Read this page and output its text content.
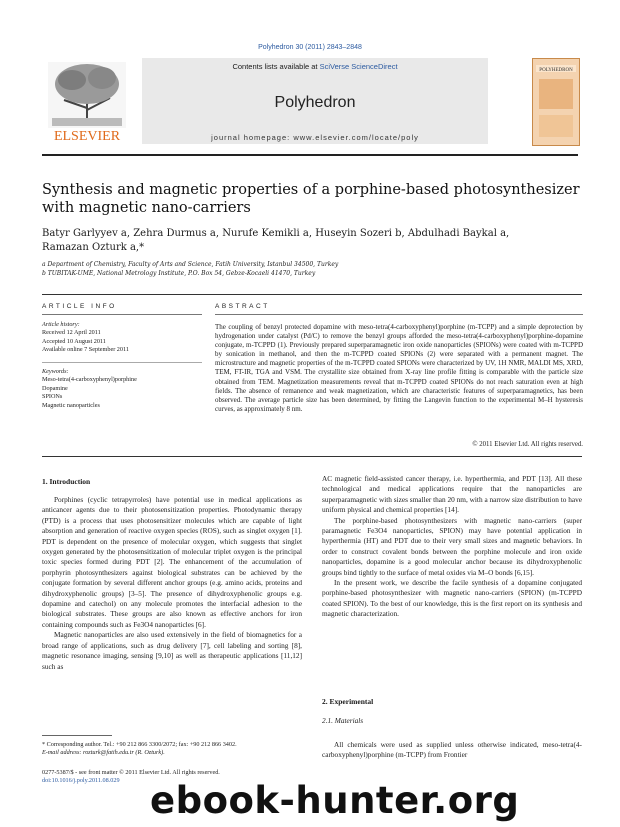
Polyhedron 30 (2011) 2843–2848
ELSEVIER
Contents lists available at SciVerse ScienceDirect
Polyhedron
journal homepage: www.elsevier.com/locate/poly
POLYHEDRON
Synthesis and magnetic properties of a porphine-based photosynthesizer with magnetic nano-carriers
Batyr Garlyyev a, Zehra Durmus a, Nurufe Kemikli a, Huseyin Sozeri b, Abdulhadi Baykal a,
Ramazan Ozturk a,*
a Department of Chemistry, Faculty of Arts and Science, Fatih University, Istanbul 34500, Turkey
b TUBITAK-UME, National Metrology Institute, P.O. Box 54, Gebze-Kocaeli 41470, Turkey
ARTICLE INFO	ABSTRACT
Article history:
Received 12 April 2011
Accepted 10 August 2011
Available online 7 September 2011
Keywords:
Meso-tetra(4-carboxyphenyl)porphine
Dopamine
SPIONs
Magnetic nanoparticles
The coupling of benzyl protected dopamine with meso-tetra(4-carboxyphenyl)porphine (m-TCPP) and a simple deprotection by hydrogenation under catalyst (Pd/C) to remove the benzyl groups afforded the meso-tetra(4-carboxyphenyl)porphine-dopamine conjugate, m-TCPPD (1). Previously prepared superparamagnetic iron oxide nanoparticles (SPIONs) were coated with m-TCPPD by sonication in methanol, and then the m-TCPPD coated SPIONs (2) were separated with a permanent magnet. The microstructure and magnetic properties of the m-TCPPD coated SPIONs were characterized by UV, 1H NMR, MALDI MS, XRD, TEM, FT-IR, TGA and VSM. The crystallite size obtained from X-ray line profile fitting is comparable with the particle size obtained from TEM. Magnetization measurements reveal that m-TCPPD coated SPIONs do not reach saturation even at high fields. The absence of remanence and weak magnetization, which are characteristic features of superparamagnetics, has been observed. The average particle size has been determined, by fitting the Langevin function to the experimental M–H hysteresis curves, as approximately 8 nm.
© 2011 Elsevier Ltd. All rights reserved.
1. Introduction

Porphines (cyclic tetrapyrroles) have potential use in medical applications as anticancer agents due to their photosensitization properties. Photodynamic therapy (PTD) is a process that uses photosensitizer molecules which are capable of light absorption and generation of reactive oxygen species (ROS), such as singlet oxygen [1]. PDT is dependent on the presence of molecular oxygen, which suggests that singlet oxygen generated by the photosensitization of molecular triplet oxygen is the principal toxic species formed during PDT [2]. The enhancement of the accumulation of porphyrin photosynthesizers against biological substrates can be achieved by the conjugate formation by several different anchor groups (e.g. amino acids, proteins and dihydroxyphenolic groups) [3–5]. The presence of dihydroxyphenolic groups e.g. dopamine and catechol) on any molecule promotes the interfacial adhesion to the biological substrates. These groups are also known as effective anchors for iron containing compounds such as Fe3O4 nanoparticles [6].

Magnetic nanoparticles are also used extensively in the field of biomagnetics for a broad range of applications, such as drug delivery [7], cell labeling and sorting [8], magnetic resonance imaging, sensing [9,10] as well as therapeutic applications [11,12] such as

* Corresponding author. Tel.: +90 212 866 3300/2072; fax: +90 212 866 3402.
E-mail address: rozturk@fatih.edu.tr (R. Ozturk).
0277-5387/$ - see front matter © 2011 Elsevier Ltd. All rights reserved.
doi:10.1016/j.poly.2011.08.029

AC magnetic field-assisted cancer therapy, i.e. hyperthermia, and PDT [13]. All these technological and medical applications require that the nanoparticles are superparamagnetic with sizes smaller than 20 nm, with a narrow size distribution to have uniform physical and chemical properties [14].

The porphine-based photosynthesizers with magnetic nano-carriers (super paramagnetic Fe3O4 nanoparticles, SPION) may have potential application in hyperthermia (HT) and PDT due to their very small sizes and magnetic behaviors. In order to construct covalent bonds between the porphine molecule and iron oxide nanoparticles, dopamine is a good molecular anchor because its dihydroxyphenolic groups bind tightly to the surface of metal oxides via M–O bonds [6,15].

In the present work, we describe the facile synthesis of a dopamine conjugated porphine-based photosynthesizer with magnetic nano-carriers (SPION) (m-TCPPD coated SPION). To the best of our knowledge, this is the first report on its synthesis and magnetic characterization.

2. Experimental
2.1. Materials

All chemicals were used as supplied unless otherwise indicated, meso-tetra(4-carboxyphenyl)porphine (m-TCPP) from Frontier

ebook-hunter.org
